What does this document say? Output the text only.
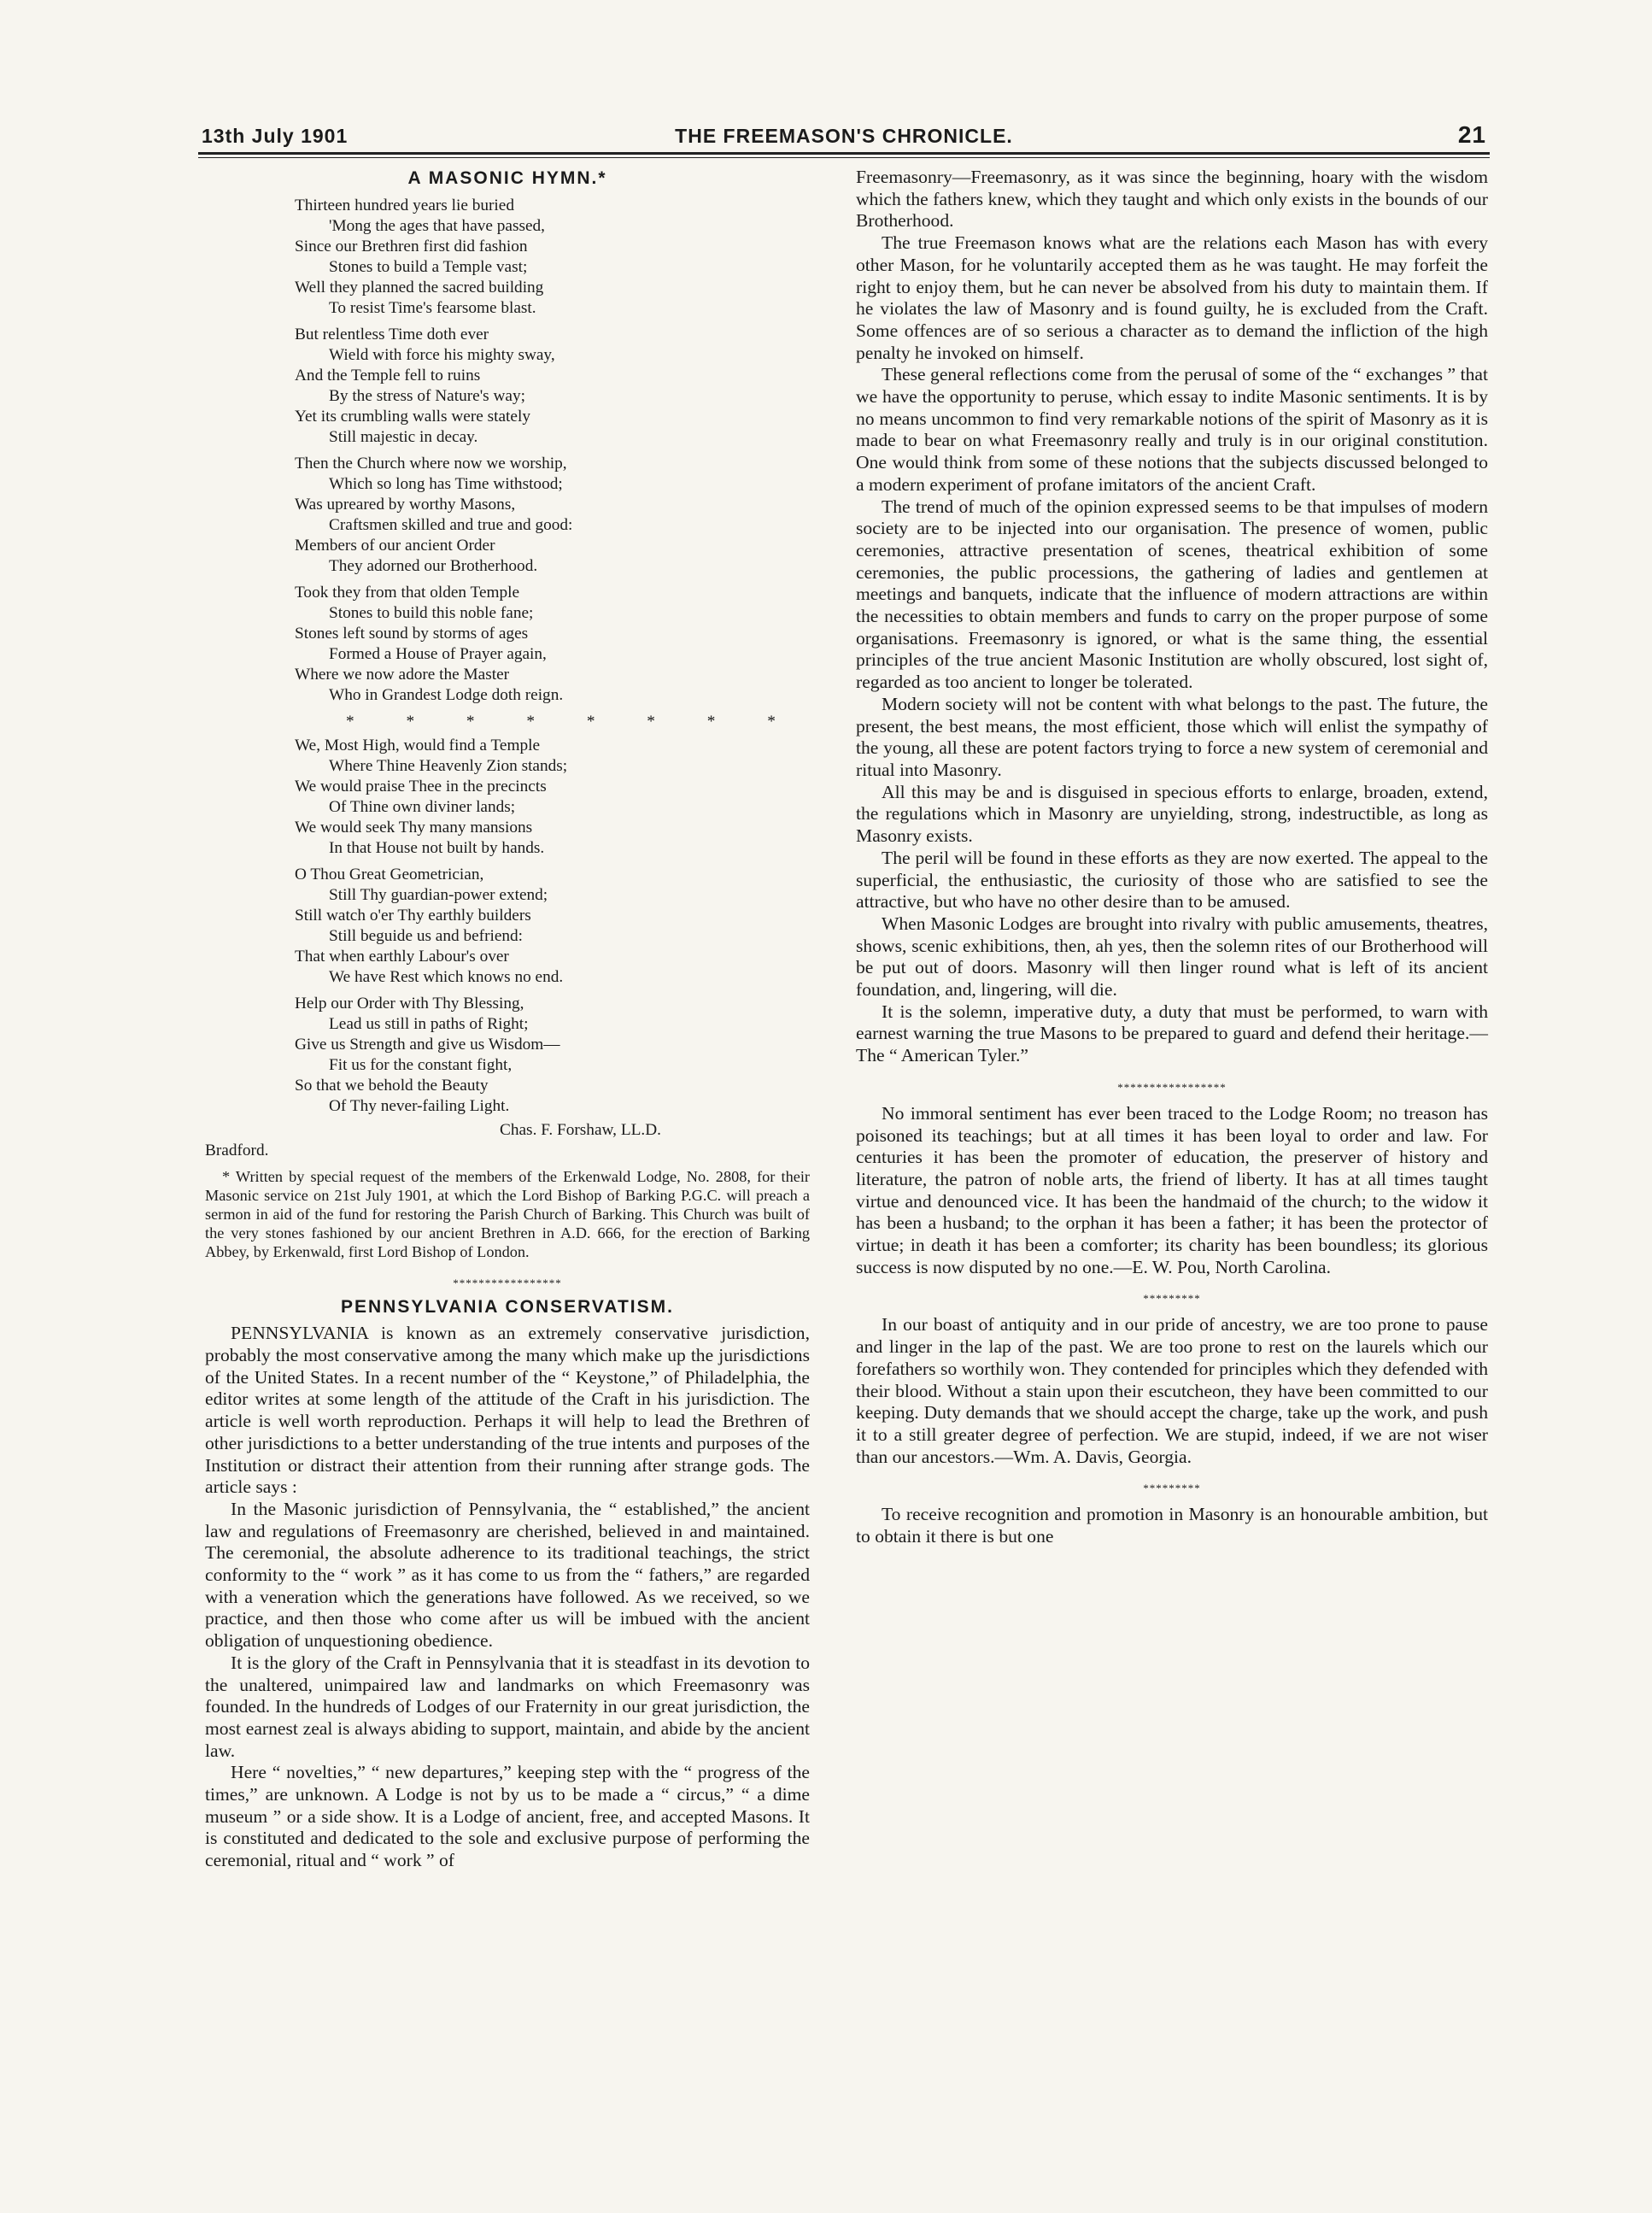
13th July 1901	THE FREEMASON'S CHRONICLE.	21
A MASONIC HYMN.*
Thirteen hundred years lie buried
'Mong the ages that have passed,
Since our Brethren first did fashion
Stones to build a Temple vast;
Well they planned the sacred building
To resist Time's fearsome blast.
But relentless Time doth ever
Wield with force his mighty sway,
And the Temple fell to ruins
By the stress of Nature's way;
Yet its crumbling walls were stately
Still majestic in decay.
Then the Church where now we worship,
Which so long has Time withstood;
Was upreared by worthy Masons,
Craftsmen skilled and true and good:
Members of our ancient Order
They adorned our Brotherhood.
Took they from that olden Temple
Stones to build this noble fane;
Stones left sound by storms of ages
Formed a House of Prayer again,
Where we now adore the Master
Who in Grandest Lodge doth reign.
* * * * * * * *
We, Most High, would find a Temple
Where Thine Heavenly Zion stands;
We would praise Thee in the precincts
Of Thine own diviner lands;
We would seek Thy many mansions
In that House not built by hands.
O Thou Great Geometrician,
Still Thy guardian-power extend;
Still watch o'er Thy earthly builders
Still beguide us and befriend:
That when earthly Labour's over
We have Rest which knows no end.
Help our Order with Thy Blessing,
Lead us still in paths of Right;
Give us Strength and give us Wisdom—
Fit us for the constant fight,
So that we behold the Beauty
Of Thy never-failing Light.
Chas. F. Forshaw, LL.D.
Bradford.

* Written by special request of the members of the Erkenwald Lodge, No. 2808, for their Masonic service on 21st July 1901, at which the Lord Bishop of Barking P.G.C. will preach a sermon in aid of the fund for restoring the Parish Church of Barking. This Church was built of the very stones fashioned by our ancient Brethren in A.D. 666, for the erection of Barking Abbey, by Erkenwald, first Lord Bishop of London.

*****************
PENNSYLVANIA CONSERVATISM.

PENNSYLVANIA is known as an extremely conservative jurisdiction, probably the most conservative among the many which make up the jurisdictions of the United States. In a recent number of the “ Keystone,” of Philadelphia, the editor writes at some length of the attitude of the Craft in his jurisdiction. The article is well worth reproduction. Perhaps it will help to lead the Brethren of other jurisdictions to a better understanding of the true intents and purposes of the Institution or distract their attention from their running after strange gods. The article says :

In the Masonic jurisdiction of Pennsylvania, the “ established,” the ancient law and regulations of Freemasonry are cherished, believed in and maintained. The ceremonial, the absolute adherence to its traditional teachings, the strict conformity to the “ work ” as it has come to us from the “ fathers,” are regarded with a veneration which the generations have followed. As we received, so we practice, and then those who come after us will be imbued with the ancient obligation of unquestioning obedience.

It is the glory of the Craft in Pennsylvania that it is steadfast in its devotion to the unaltered, unimpaired law and landmarks on which Freemasonry was founded. In the hundreds of Lodges of our Fraternity in our great jurisdiction, the most earnest zeal is always abiding to support, maintain, and abide by the ancient law.

Here “ novelties,” “ new departures,” keeping step with the “ progress of the times,” are unknown. A Lodge is not by us to be made a “ circus,” “ a dime museum ” or a side show. It is a Lodge of ancient, free, and accepted Masons. It is constituted and dedicated to the sole and exclusive purpose of performing the ceremonial, ritual and “ work ” of

Freemasonry—Freemasonry, as it was since the beginning, hoary with the wisdom which the fathers knew, which they taught and which only exists in the bounds of our Brotherhood.

The true Freemason knows what are the relations each Mason has with every other Mason, for he voluntarily accepted them as he was taught. He may forfeit the right to enjoy them, but he can never be absolved from his duty to maintain them. If he violates the law of Masonry and is found guilty, he is excluded from the Craft. Some offences are of so serious a character as to demand the infliction of the high penalty he invoked on himself.

These general reflections come from the perusal of some of the “ exchanges ” that we have the opportunity to peruse, which essay to indite Masonic sentiments. It is by no means uncommon to find very remarkable notions of the spirit of Masonry as it is made to bear on what Freemasonry really and truly is in our original constitution. One would think from some of these notions that the subjects discussed belonged to a modern experiment of profane imitators of the ancient Craft.

The trend of much of the opinion expressed seems to be that impulses of modern society are to be injected into our organisation. The presence of women, public ceremonies, attractive presentation of scenes, theatrical exhibition of some ceremonies, the public processions, the gathering of ladies and gentlemen at meetings and banquets, indicate that the influence of modern attractions are within the necessities to obtain members and funds to carry on the proper purpose of some organisations. Freemasonry is ignored, or what is the same thing, the essential principles of the true ancient Masonic Institution are wholly obscured, lost sight of, regarded as too ancient to longer be tolerated.

Modern society will not be content with what belongs to the past. The future, the present, the best means, the most efficient, those which will enlist the sympathy of the young, all these are potent factors trying to force a new system of ceremonial and ritual into Masonry.

All this may be and is disguised in specious efforts to enlarge, broaden, extend, the regulations which in Masonry are unyielding, strong, indestructible, as long as Masonry exists.

The peril will be found in these efforts as they are now exerted. The appeal to the superficial, the enthusiastic, the curiosity of those who are satisfied to see the attractive, but who have no other desire than to be amused.

When Masonic Lodges are brought into rivalry with public amusements, theatres, shows, scenic exhibitions, then, ah yes, then the solemn rites of our Brotherhood will be put out of doors. Masonry will then linger round what is left of its ancient foundation, and, lingering, will die.

It is the solemn, imperative duty, a duty that must be performed, to warn with earnest warning the true Masons to be prepared to guard and defend their heritage.—The “ American Tyler.”

*****************

No immoral sentiment has ever been traced to the Lodge Room; no treason has poisoned its teachings; but at all times it has been loyal to order and law. For centuries it has been the promoter of education, the preserver of history and literature, the patron of noble arts, the friend of liberty. It has at all times taught virtue and denounced vice. It has been the handmaid of the church; to the widow it has been a husband; to the orphan it has been a father; it has been the protector of virtue; in death it has been a comforter; its charity has been boundless; its glorious success is now disputed by no one.—E. W. Pou, North Carolina.

*********

In our boast of antiquity and in our pride of ancestry, we are too prone to pause and linger in the lap of the past. We are too prone to rest on the laurels which our forefathers so worthily won. They contended for principles which they defended with their blood. Without a stain upon their escutcheon, they have been committed to our keeping. Duty demands that we should accept the charge, take up the work, and push it to a still greater degree of perfection. We are stupid, indeed, if we are not wiser than our ancestors.—Wm. A. Davis, Georgia.

*********

To receive recognition and promotion in Masonry is an honourable ambition, but to obtain it there is but one
